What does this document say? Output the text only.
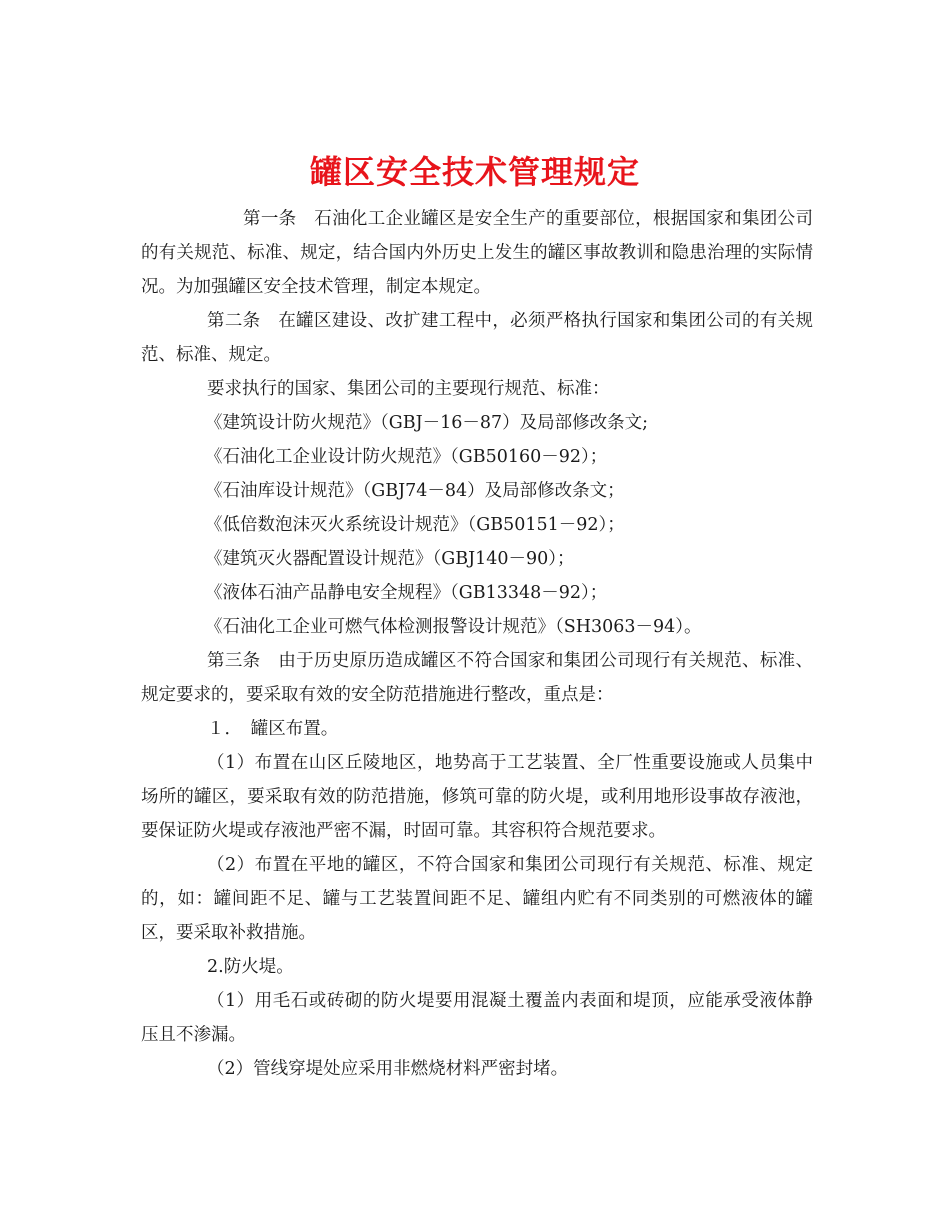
罐区安全技术管理规定

第一条　石油化工企业罐区是安全生产的重要部位，根据国家和集团公司的有关规范、标准、规定，结合国内外历史上发生的罐区事故教训和隐患治理的实际情况。为加强罐区安全技术管理，制定本规定。

第二条　在罐区建设、改扩建工程中，必须严格执行国家和集团公司的有关规范、标准、规定。

要求执行的国家、集团公司的主要现行规范、标准：

《建筑设计防火规范》（GBJ－16－87）及局部修改条文;

《石油化工企业设计防火规范》（GB50160－92）；

《石油库设计规范》（GBJ74－84）及局部修改条文；

《低倍数泡沫灭火系统设计规范》（GB50151－92）；

《建筑灭火器配置设计规范》（GBJ140－90）；

《液体石油产品静电安全规程》（GB13348－92）；

《石油化工企业可燃气体检测报警设计规范》（SH3063－94）。

第三条　由于历史原历造成罐区不符合国家和集团公司现行有关规范、标准、规定要求的，要采取有效的安全防范措施进行整改，重点是：

１．　罐区布置。

（1）布置在山区丘陵地区，地势高于工艺装置、全厂性重要设施或人员集中场所的罐区，要采取有效的防范措施，修筑可靠的防火堤，或利用地形设事故存液池，要保证防火堤或存液池严密不漏，时固可靠。其容积符合规范要求。

（2）布置在平地的罐区，不符合国家和集团公司现行有关规范、标准、规定的，如：罐间距不足、罐与工艺装置间距不足、罐组内贮有不同类别的可燃液体的罐区，要采取补救措施。

2.防火堤。

（1）用毛石或砖砌的防火堤要用混凝土覆盖内表面和堤顶，应能承受液体静压且不渗漏。

（2）管线穿堤处应采用非燃烧材料严密封堵。
